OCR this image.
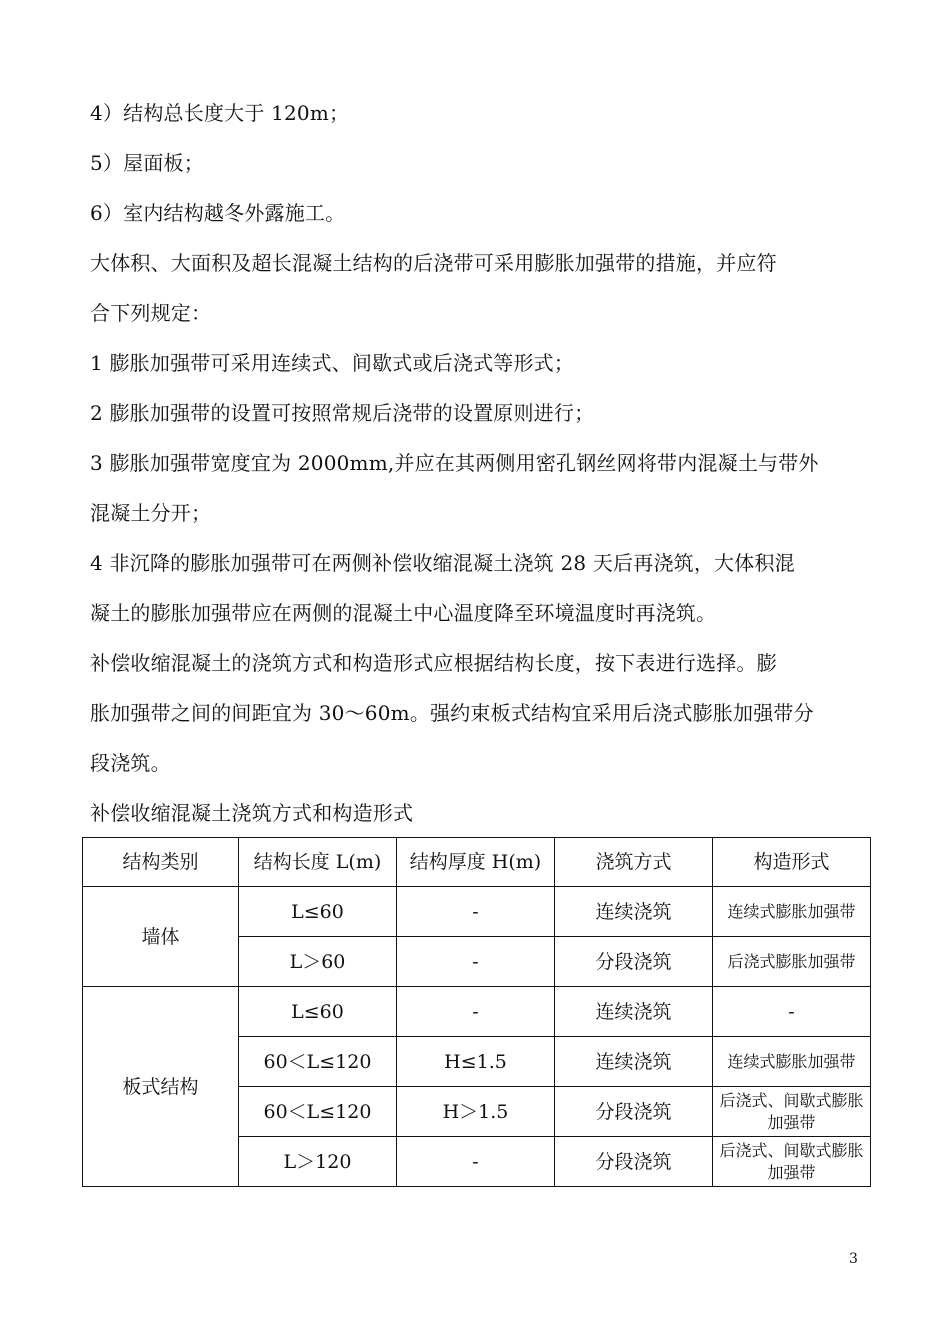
4）结构总长度大于 120m；
5）屋面板；
6）室内结构越冬外露施工。
大体积、大面积及超长混凝土结构的后浇带可采用膨胀加强带的措施，并应符
合下列规定：
1 膨胀加强带可采用连续式、间歇式或后浇式等形式；
2 膨胀加强带的设置可按照常规后浇带的设置原则进行；
3 膨胀加强带宽度宜为 2000mm,并应在其两侧用密孔钢丝网将带内混凝土与带外
混凝土分开；
4 非沉降的膨胀加强带可在两侧补偿收缩混凝土浇筑 28 天后再浇筑，大体积混
凝土的膨胀加强带应在两侧的混凝土中心温度降至环境温度时再浇筑。
补偿收缩混凝土的浇筑方式和构造形式应根据结构长度，按下表进行选择。膨
胀加强带之间的间距宜为 30～60m。强约束板式结构宜采用后浇式膨胀加强带分
段浇筑。
补偿收缩混凝土浇筑方式和构造形式
结构类别	结构长度 L(m)	结构厚度 H(m)	浇筑方式	构造形式
墙体	L≤60	-	连续浇筑	连续式膨胀加强带
	L＞60	-	分段浇筑	后浇式膨胀加强带
板式结构	L≤60	-	连续浇筑	-
	60＜L≤120	H≤1.5	连续浇筑	连续式膨胀加强带
	60＜L≤120	H＞1.5	分段浇筑	后浇式、间歇式膨胀加强带
	L＞120	-	分段浇筑	后浇式、间歇式膨胀加强带
3
